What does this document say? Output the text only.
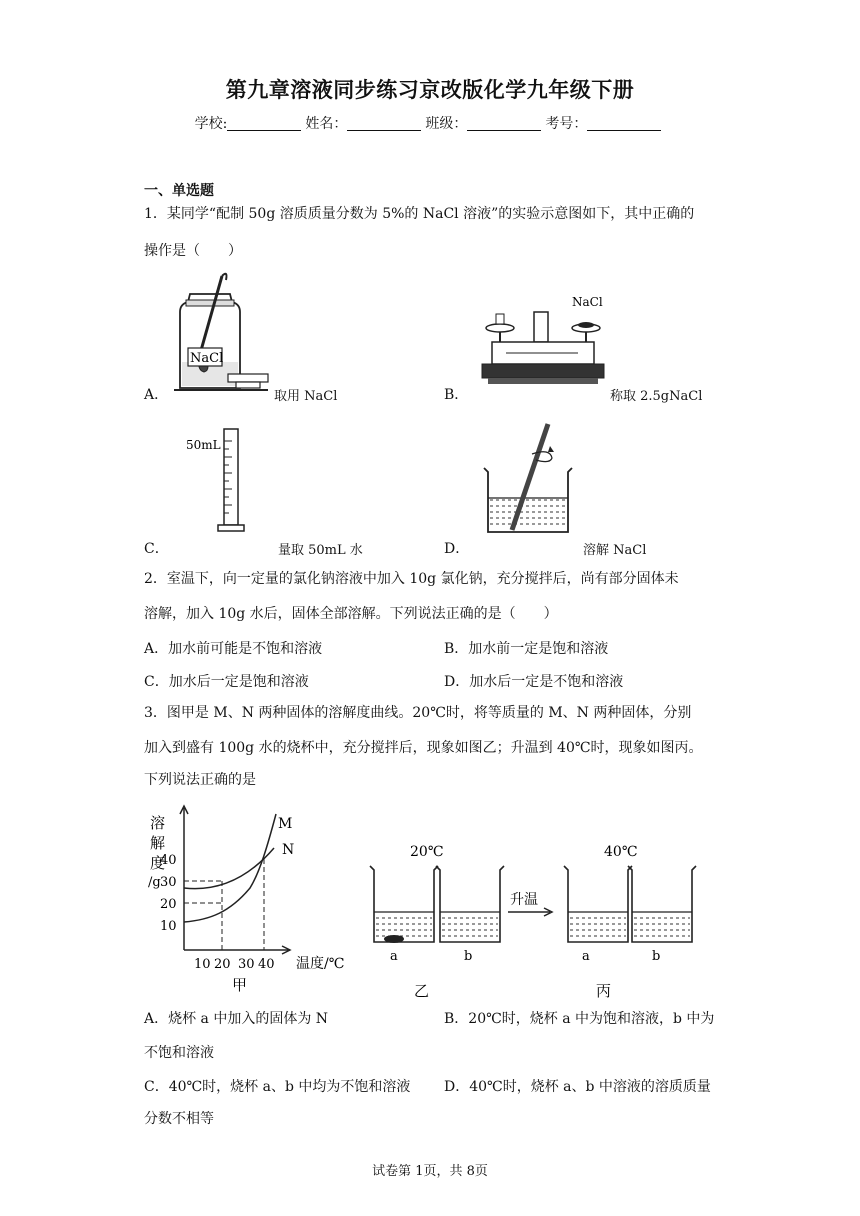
第九章溶液同步练习京改版化学九年级下册
学校:	姓名：	班级：	考号：
一、单选题
1．某同学“配制 50g 溶质质量分数为 5%的 NaCl 溶液”的实验示意图如下，其中正确的
操作是（　　）
NaCl
A．	取用 NaCl
NaCl
B．	称取 2.5gNaCl
50mL
C．	量取 50mL 水	D．	溶解 NaCl
2．室温下，向一定量的氯化钠溶液中加入 10g 氯化钠，充分搅拌后，尚有部分固体未
溶解，加入 10g 水后，固体全部溶解。下列说法正确的是（　　）
A．加水前可能是不饱和溶液	B．加水前一定是饱和溶液
C．加水后一定是饱和溶液	D．加水后一定是不饱和溶液
3．图甲是 M、N 两种固体的溶解度曲线。20℃时，将等质量的 M、N 两种固体，分别
加入到盛有 100g 水的烧杯中，充分搅拌后，现象如图乙；升温到 40℃时，现象如图丙。
下列说法正确的是
溶
解
度
/g
40
30
20
10
10 20 30 40 温度/℃
M
N
甲
20℃
a	b
乙
升温
40℃
a	b
丙
A．烧杯 a 中加入的固体为 N	B．20℃时，烧杯 a 中为饱和溶液，b 中为
不饱和溶液
C．40℃时，烧杯 a、b 中均为不饱和溶液 D．40℃时，烧杯 a、b 中溶液的溶质质量
分数不相等
试卷第 1页，共 8页
